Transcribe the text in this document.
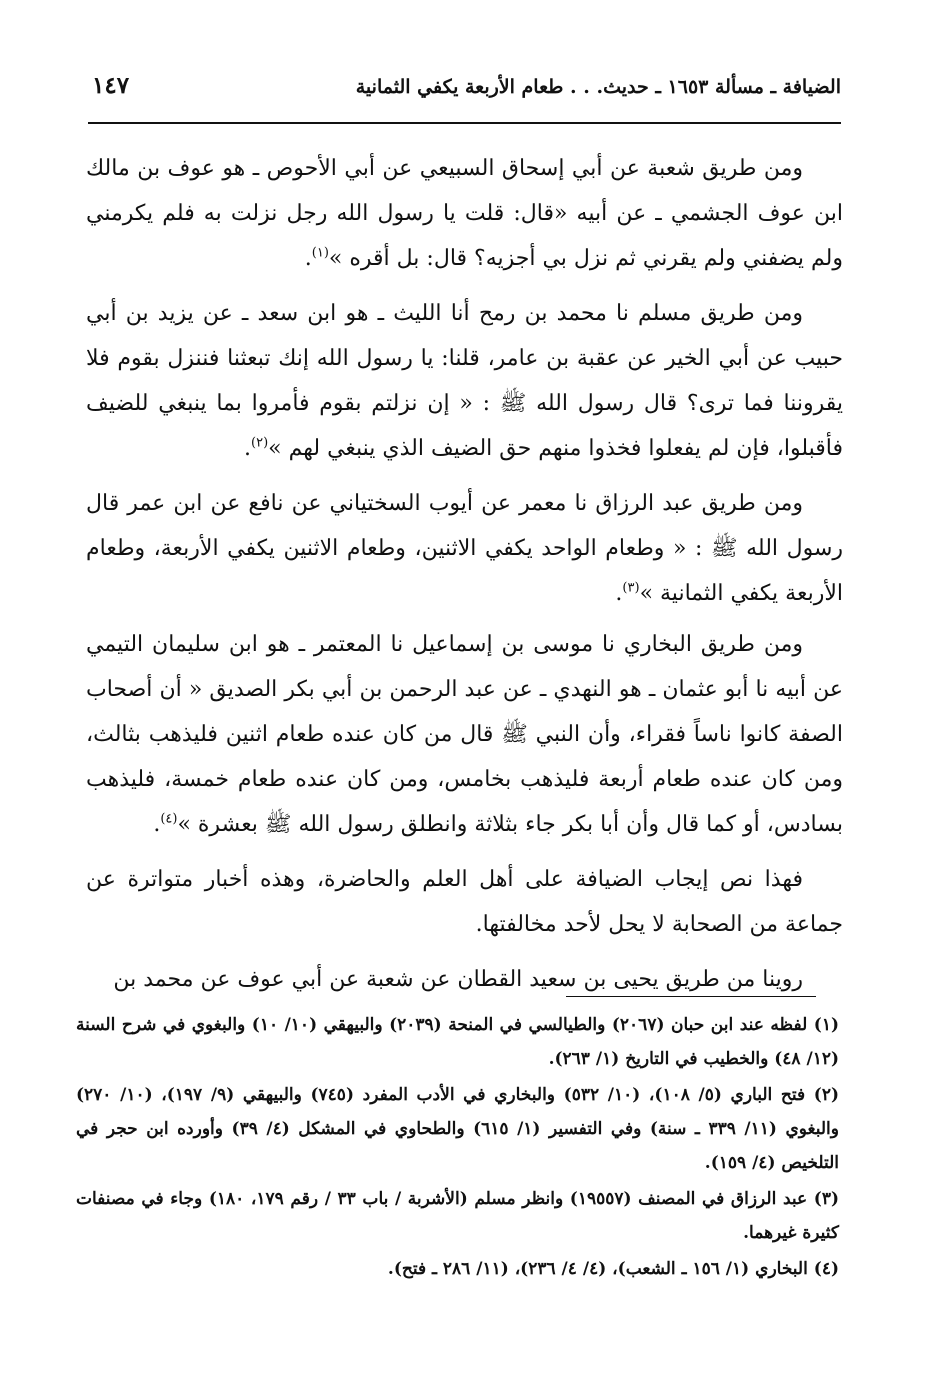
١٤٧	الضيافة ـ مسألة ١٦٥٣ ـ حديث. . . طعام الأربعة يكفي الثمانية

ومن طريق شعبة عن أبي إسحاق السبيعي عن أبي الأحوص ـ هو عوف بن مالك ابن عوف الجشمي ـ عن أبيه «قال: قلت يا رسول الله رجل نزلت به فلم يكرمني ولم يضفني ولم يقرني ثم نزل بي أجزيه؟ قال: بل أقره »$^{(١)}$.

ومن طريق مسلم نا محمد بن رمح أنا الليث ـ هو ابن سعد ـ عن يزيد بن أبي حبيب عن أبي الخير عن عقبة بن عامر، قلنا: يا رسول الله إنك تبعثنا فننزل بقوم فلا يقروننا فما ترى؟ قال رسول الله ﷺ : « إن نزلتم بقوم فأمروا بما ينبغي للضيف فأقبلوا، فإن لم يفعلوا فخذوا منهم حق الضيف الذي ينبغي لهم »$^{(٢)}$.

ومن طريق عبد الرزاق نا معمر عن أيوب السختياني عن نافع عن ابن عمر قال رسول الله ﷺ : « وطعام الواحد يكفي الاثنين، وطعام الاثنين يكفي الأربعة، وطعام الأربعة يكفي الثمانية »$^{(٣)}$.

ومن طريق البخاري نا موسى بن إسماعيل نا المعتمر ـ هو ابن سليمان التيمي عن أبيه نا أبو عثمان ـ هو النهدي ـ عن عبد الرحمن بن أبي بكر الصديق « أن أصحاب الصفة كانوا ناساً فقراء، وأن النبي ﷺ قال من كان عنده طعام اثنين فليذهب بثالث، ومن كان عنده طعام أربعة فليذهب بخامس، ومن كان عنده طعام خمسة، فليذهب بسادس، أو كما قال وأن أبا بكر جاء بثلاثة وانطلق رسول الله ﷺ بعشرة »$^{(٤)}$.

فهذا نص إيجاب الضيافة على أهل العلم والحاضرة، وهذه أخبار متواترة عن جماعة من الصحابة لا يحل لأحد مخالفتها.

روينا من طريق يحيى بن سعيد القطان عن شعبة عن أبي عوف عن محمد بن

(١) لفظه عند ابن حبان (٢٠٦٧) والطيالسي في المنحة (٢٠٣٩) والبيهقي (١٠/ ١٠) والبغوي في شرح السنة (١٢/ ٤٨) والخطيب في التاريخ (١/ ٢٦٣).

(٢) فتح الباري (٥/ ١٠٨)، (١٠/ ٥٣٢) والبخاري في الأدب المفرد (٧٤٥) والبيهقي (٩/ ١٩٧)، (١٠/ ٢٧٠) والبغوي (١١/ ٣٣٩ ـ سنة) وفي التفسير (١/ ٦١٥) والطحاوي في المشكل (٤/ ٣٩) وأورده ابن حجر في التلخيص (٤/ ١٥٩).

(٣) عبد الرزاق في المصنف (١٩٥٥٧) وانظر مسلم (الأشربة / باب ٣٣ / رقم ١٧٩، ١٨٠) وجاء في مصنفات كثيرة غيرهما.

(٤) البخاري (١/ ١٥٦ ـ الشعب)، (٤/ ٤/ ٢٣٦)، (١١/ ٢٨٦ ـ فتح).
